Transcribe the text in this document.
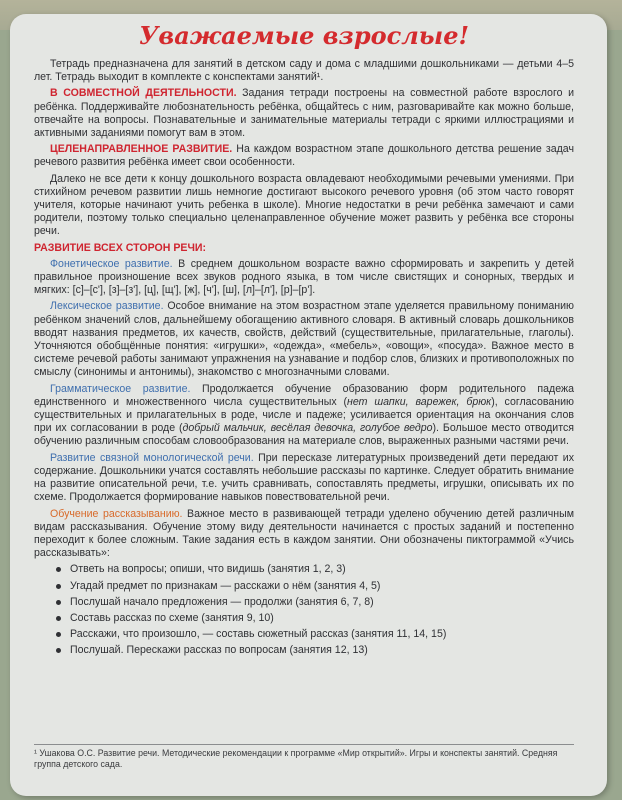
Уважаемые взрослые!

Тетрадь предназначена для занятий в детском саду и дома с младшими дошкольниками — детьми 4–5 лет. Тетрадь выходит в комплекте с конспектами занятий¹.

В СОВМЕСТНОЙ ДЕЯТЕЛЬНОСТИ. Задания тетради построены на совместной работе взрослого и ребёнка. Поддерживайте любознательность ребёнка, общайтесь с ним, разговаривайте как можно больше, отвечайте на вопросы. Познавательные и занимательные материалы тетради с яркими иллюстрациями и активными заданиями помогут вам в этом.

ЦЕЛЕНАПРАВЛЕННОЕ РАЗВИТИЕ. На каждом возрастном этапе дошкольного детства решение задач речевого развития ребёнка имеет свои особенности.

Далеко не все дети к концу дошкольного возраста овладевают необходимыми речевыми умениями. При стихийном речевом развитии лишь немногие достигают высокого речевого уровня (об этом часто говорят учителя, которые начинают учить ребенка в школе). Многие недостатки в речи ребёнка замечают и сами родители, поэтому только специально целенаправленное обучение может развить у ребёнка все стороны речи.

РАЗВИТИЕ ВСЕХ СТОРОН РЕЧИ:

Фонетическое развитие. В среднем дошкольном возрасте важно сформировать и закрепить у детей правильное произношение всех звуков родного языка, в том числе свистящих и сонорных, твердых и мягких: [с]–[с'], [з]–[з'], [ц], [щ'], [ж], [ч'], [ш], [л]–[л'], [р]–[р'].

Лексическое развитие. Особое внимание на этом возрастном этапе уделяется правильному пониманию ребёнком значений слов, дальнейшему обогащению активного словаря. В активный словарь дошкольников вводят названия предметов, их качеств, свойств, действий (существительные, прилагательные, глаголы). Уточняются обобщённые понятия: «игрушки», «одежда», «мебель», «овощи», «посуда». Важное место в системе речевой работы занимают упражнения на узнавание и подбор слов, близких и противоположных по смыслу (синонимы и антонимы), знакомство с многозначными словами.

Грамматическое развитие. Продолжается обучение образованию форм родительного падежа единственного и множественного числа существительных (нет шапки, варежек, брюк), согласованию существительных и прилагательных в роде, числе и падеже; усиливается ориентация на окончания слов при их согласовании в роде (добрый мальчик, весёлая девочка, голубое ведро). Большое место отводится обучению различным способам словообразования на материале слов, выраженных разными частями речи.

Развитие связной монологической речи. При пересказе литературных произведений дети передают их содержание. Дошкольники учатся составлять небольшие рассказы по картинке. Следует обратить внимание на развитие описательной речи, т.е. учить сравнивать, сопоставлять предметы, игрушки, описывать их по схеме. Продолжается формирование навыков повествовательной речи.

Обучение рассказыванию. Важное место в развивающей тетради уделено обучению детей различным видам рассказывания. Обучение этому виду деятельности начинается с простых заданий и постепенно переходит к более сложным. Такие задания есть в каждом занятии. Они обозначены пиктограммой «Учись рассказывать»:

Ответь на вопросы; опиши, что видишь (занятия 1, 2, 3)
Угадай предмет по признакам — расскажи о нём (занятия 4, 5)
Послушай начало предложения — продолжи (занятия 6, 7, 8)
Составь рассказ по схеме (занятия 9, 10)
Расскажи, что произошло, — составь сюжетный рассказ (занятия 11, 14, 15)
Послушай. Перескажи рассказ по вопросам (занятия 12, 13)
¹ Ушакова О.С. Развитие речи. Методические рекомендации к программе «Мир открытий». Игры и конспекты занятий. Средняя группа детского сада.
